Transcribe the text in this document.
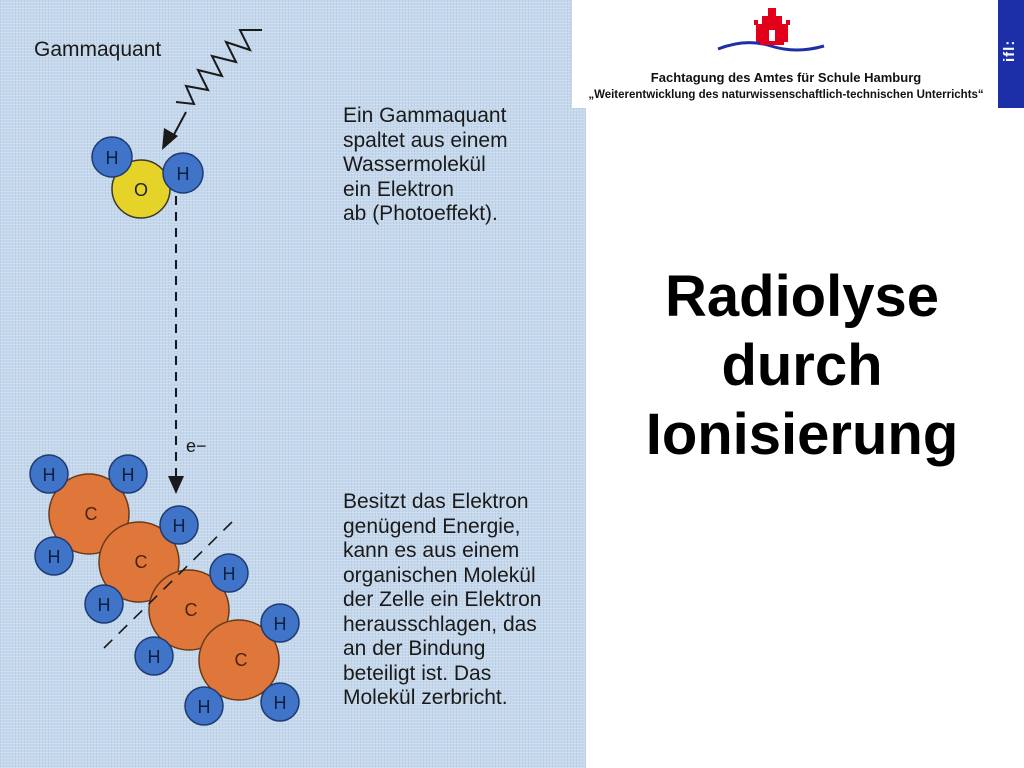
O
H
H
e−
C
C
C
C
H	H
H
H
H
H
H
H
H	H
Gammaquant
Ein Gammaquant
spaltet aus einem
Wassermolekül
ein Elektron
ab (Photoeffekt).
Besitzt das Elektron
genügend Energie,
kann es aus einem
organischen Molekül
der Zelle ein Elektron
herausschlagen, das
an der Bindung
beteiligt ist. Das
Molekül zerbricht.
Fachtagung des Amtes für Schule Hamburg
„Weiterentwicklung des naturwissenschaftlich-technischen Unterrichts“
ifl:
Radiolyse
durch
Ionisierung
